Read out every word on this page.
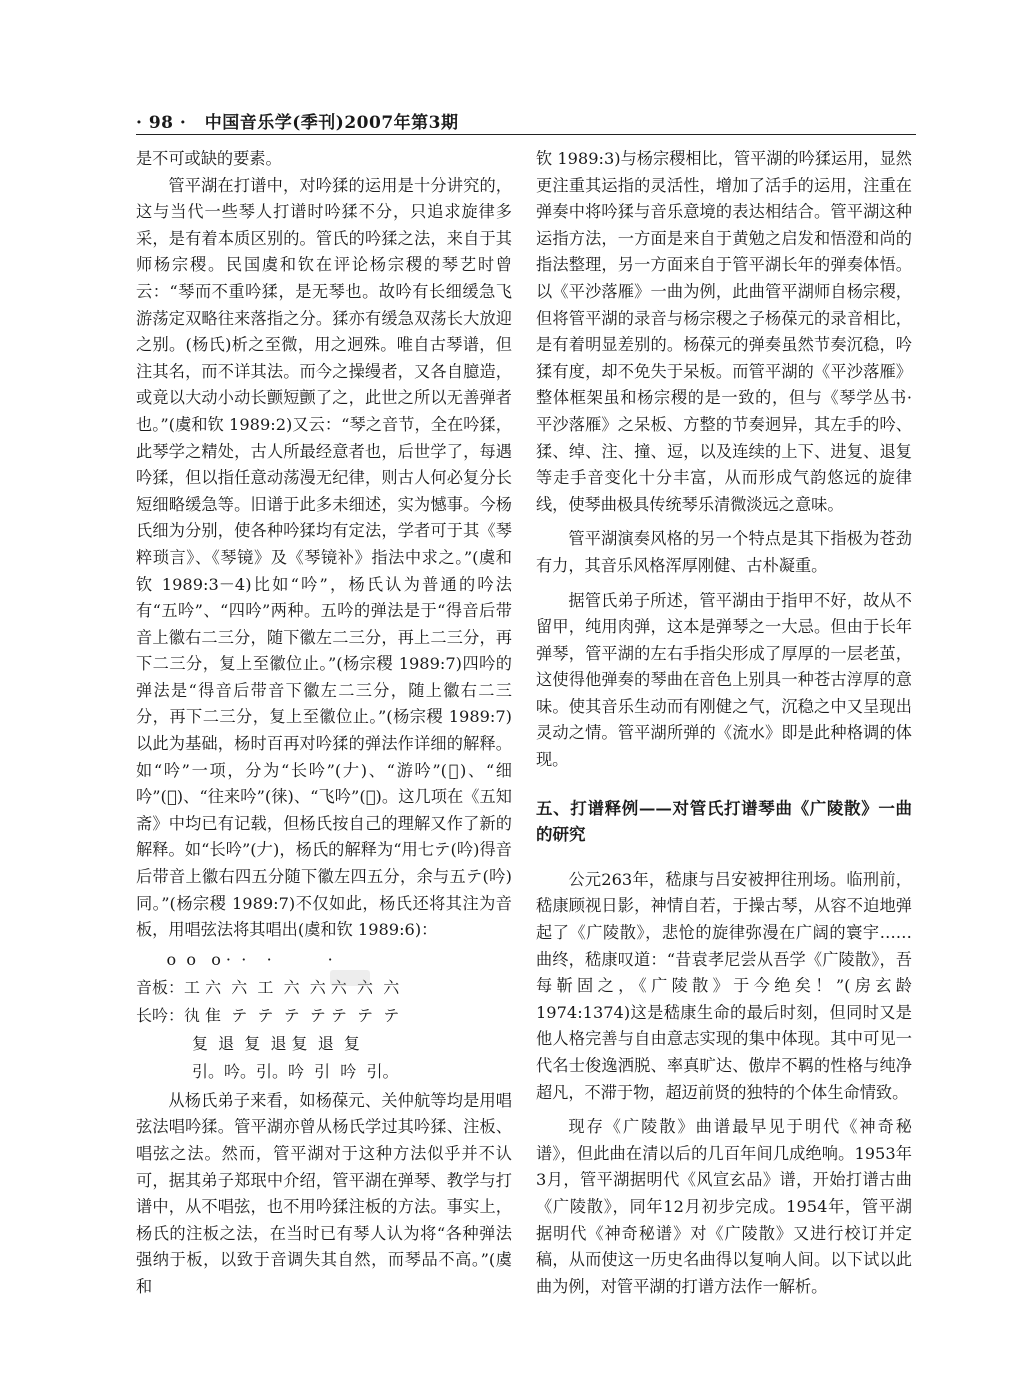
· 98 · 中国音乐学(季刊)2007年第3期

是不可或缺的要素。

管平湖在打谱中，对吟猱的运用是十分讲究的，这与当代一些琴人打谱时吟猱不分，只追求旋律多采，是有着本质区别的。管氏的吟猱之法，来自于其师杨宗稷。民国虞和钦在评论杨宗稷的琴艺时曾云：“琴而不重吟猱，是无琴也。故吟有长细缓急飞游荡定双略往来落指之分。猱亦有缓急双荡长大放迎之别。(杨氏)析之至微，用之迥殊。唯自古琴谱，但注其名，而不详其法。而今之操缦者，又各自臆造，或竟以大动小动长颤短颤了之，此世之所以无善弹者也。”(虞和钦 1989:2)又云：“琴之音节，全在吟猱，此琴学之精处，古人所最经意者也，后世学了，每遇吟猱，但以指任意动荡漫无纪律，则古人何必复分长短细略缓急等。旧谱于此多未细述，实为憾事。今杨氏细为分别，使各种吟猱均有定法，学者可于其《琴粹琐言》、《琴镜》及《琴镜补》指法中求之。”(虞和钦 1989:3－4)比如“吟”，杨氏认为普通的吟法有“五吟”、“四吟”两种。五吟的弹法是于“得音后带音上徽右二三分，随下徽左二三分，再上二三分，再下二三分，复上至徽位止。”(杨宗稷 1989:7)四吟的弹法是“得音后带音下徽左二三分，随上徽右二三分，再下二三分，复上至徽位止。”(杨宗稷 1989:7)以此为基础，杨时百再对吟猱的弹法作详细的解释。如“吟”一项，分为“长吟”(𠂇)、“游吟”(𨑖)、“细吟”(𥿝)、“往来吟”(徕)、“飞吟”(𢒇)。这几项在《五知斋》中均已有记载，但杨氏按自己的理解又作了新的解释。如“长吟”(𠂇)，杨氏的解释为“用七テ(吟)得音后带音上徽右四五分随下徽左四五分，余与五テ(吟)同。”(杨宗稷 1989:7)不仅如此，杨氏还将其注为音板，用唱弦法将其唱出(虞和钦 1989:6)：

o  o   o ·  ·    ·           ·
音板：工 六  六  工  六  六 六  六  六
长吟：𢓃 隹  テ  テ  テ  テ テ  テ  テ
复  退  复  退 复  退  复
引。吟。引。吟  引  吟  引。

从杨氏弟子来看，如杨葆元、关仲航等均是用唱弦法唱吟猱。管平湖亦曾从杨氏学过其吟猱、注板、唱弦之法。然而，管平湖对于这种方法似乎并不认可，据其弟子郑珉中介绍，管平湖在弹琴、教学与打谱中，从不唱弦，也不用吟猱注板的方法。事实上，杨氏的注板之法，在当时已有琴人认为将“各种弹法强纳于板，以致于音调失其自然，而琴品不高。”(虞和

钦 1989:3)与杨宗稷相比，管平湖的吟猱运用，显然更注重其运指的灵活性，增加了活手的运用，注重在弹奏中将吟猱与音乐意境的表达相结合。管平湖这种运指方法，一方面是来自于黄勉之启发和悟澄和尚的指法整理，另一方面来自于管平湖长年的弹奏体悟。以《平沙落雁》一曲为例，此曲管平湖师自杨宗稷，但将管平湖的录音与杨宗稷之子杨葆元的录音相比，是有着明显差别的。杨葆元的弹奏虽然节奏沉稳，吟猱有度，却不免失于呆板。而管平湖的《平沙落雁》整体框架虽和杨宗稷的是一致的，但与《琴学丛书·平沙落雁》之呆板、方整的节奏迥异，其左手的吟、猱、绰、注、撞、逗，以及连续的上下、进复、退复等走手音变化十分丰富，从而形成气韵悠远的旋律线，使琴曲极具传统琴乐清微淡远之意味。

管平湖演奏风格的另一个特点是其下指极为苍劲有力，其音乐风格浑厚刚健、古朴凝重。

据管氏弟子所述，管平湖由于指甲不好，故从不留甲，纯用肉弹，这本是弹琴之一大忌。但由于长年弹琴，管平湖的左右手指尖形成了厚厚的一层老茧，这使得他弹奏的琴曲在音色上别具一种苍古淳厚的意味。使其音乐生动而有刚健之气，沉稳之中又呈现出灵动之情。管平湖所弹的《流水》即是此种格调的体现。

五、打谱释例——对管氏打谱琴曲《广陵散》一曲的研究

公元263年，嵇康与吕安被押往刑场。临刑前，嵇康顾视日影，神情自若，于操古琴，从容不迫地弹起了《广陵散》，悲怆的旋律弥漫在广阔的寰宇……曲终，嵇康叹道：“昔袁孝尼尝从吾学《广陵散》，吾每靳固之，《广陵散》于今绝矣！”(房玄龄 1974:1374)这是嵇康生命的最后时刻，但同时又是他人格完善与自由意志实现的集中体现。其中可见一代名士俊逸洒脱、率真旷达、傲岸不羁的性格与纯净超凡，不滞于物，超迈前贤的独特的个体生命情致。

现存《广陵散》曲谱最早见于明代《神奇秘谱》，但此曲在清以后的几百年间几成绝响。1953年3月，管平湖据明代《风宣玄品》谱，开始打谱古曲《广陵散》，同年12月初步完成。1954年，管平湖据明代《神奇秘谱》对《广陵散》又进行校订并定稿，从而使这一历史名曲得以复响人间。以下试以此曲为例，对管平湖的打谱方法作一解析。
